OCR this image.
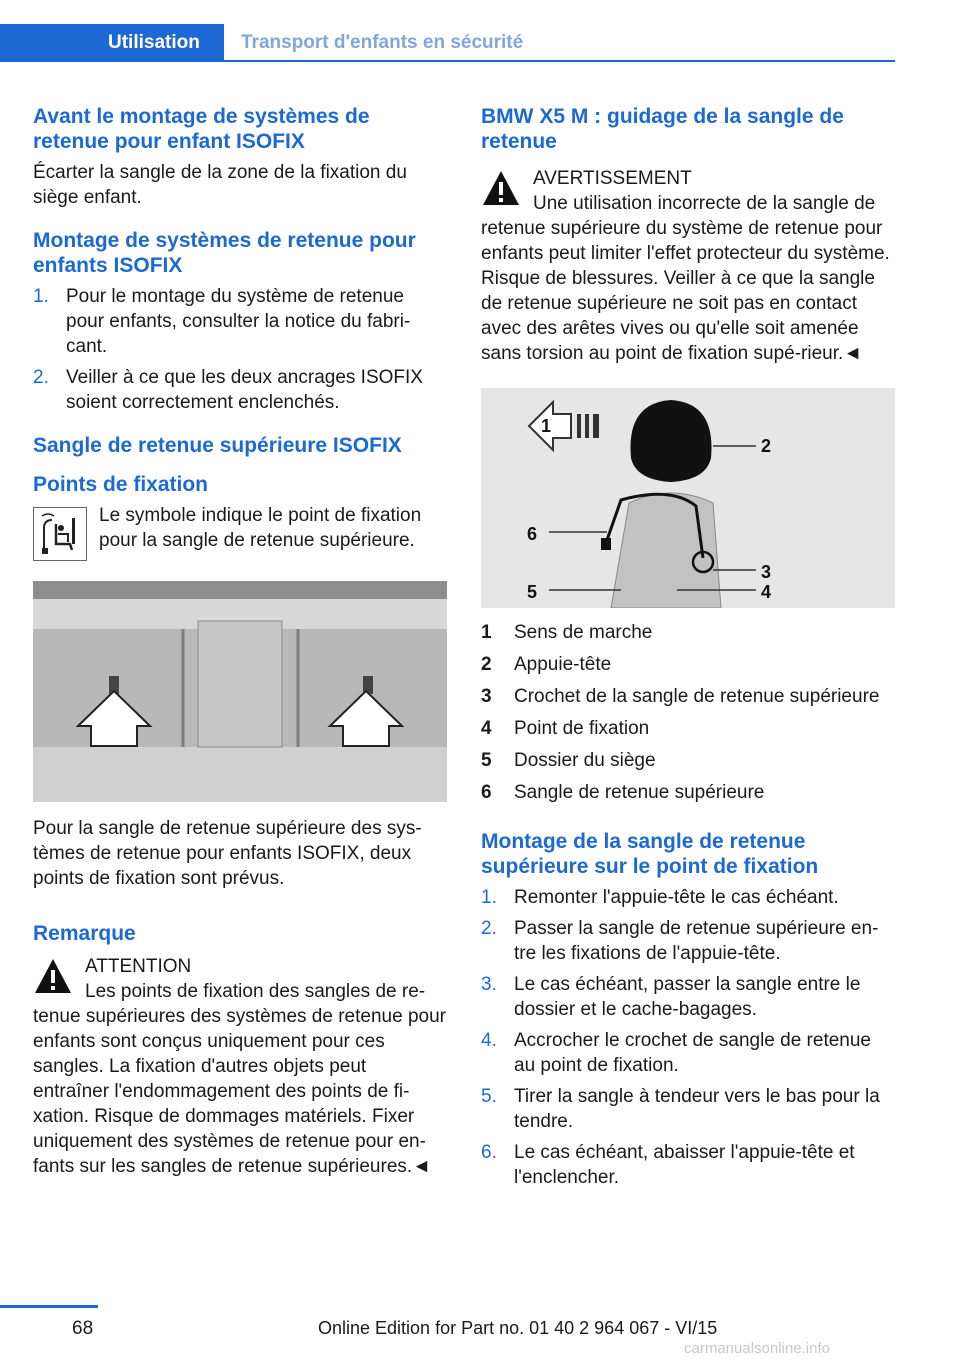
Utilisation	Transport d'enfants en sécurité
Avant le montage de systèmes de retenue pour enfant ISOFIX

Écarter la sangle de la zone de la fixation du siège enfant.

Montage de systèmes de retenue pour enfants ISOFIX
1. Pour le montage du système de retenue pour enfants, consulter la notice du fabri‐cant.
2. Veiller à ce que les deux ancrages ISOFIX soient correctement enclenchés.
Sangle de retenue supérieure ISOFIX
Points de fixation

Le symbole indique le point de fixation pour la sangle de retenue supérieure.

Pour la sangle de retenue supérieure des sys‐tèmes de retenue pour enfants ISOFIX, deux points de fixation sont prévus.

Remarque
ATTENTION

Les points de fixation des sangles de re‐tenue supérieures des systèmes de retenue pour enfants sont conçus uniquement pour ces sangles. La fixation d'autres objets peut entraîner l'endommagement des points de fi‐xation. Risque de dommages matériels. Fixer uniquement des systèmes de retenue pour en‐fants sur les sangles de retenue supérieures.◄

BMW X5 M : guidage de la sangle de retenue
AVERTISSEMENT

Une utilisation incorrecte de la sangle de retenue supérieure du système de retenue pour enfants peut limiter l'effet protecteur du système. Risque de blessures. Veiller à ce que la sangle de retenue supérieure ne soit pas en contact avec des arêtes vives ou qu'elle soit amenée sans torsion au point de fixation supé‐rieur.◄

1
2
3
4
5
6
1	Sens de marche
2	Appuie-tête
3	Crochet de la sangle de retenue supérieure
4	Point de fixation
5	Dossier du siège
6	Sangle de retenue supérieure
Montage de la sangle de retenue supérieure sur le point de fixation
1. Remonter l'appuie-tête le cas échéant.
2. Passer la sangle de retenue supérieure en‐tre les fixations de l'appuie-tête.
3. Le cas échéant, passer la sangle entre le dossier et le cache-bagages.
4. Accrocher le crochet de sangle de retenue au point de fixation.
5. Tirer la sangle à tendeur vers le bas pour la tendre.
6. Le cas échéant, abaisser l'appuie-tête et l'enclencher.
68	Online Edition for Part no. 01 40 2 964 067 - VI/15
carmanualsonline.info
